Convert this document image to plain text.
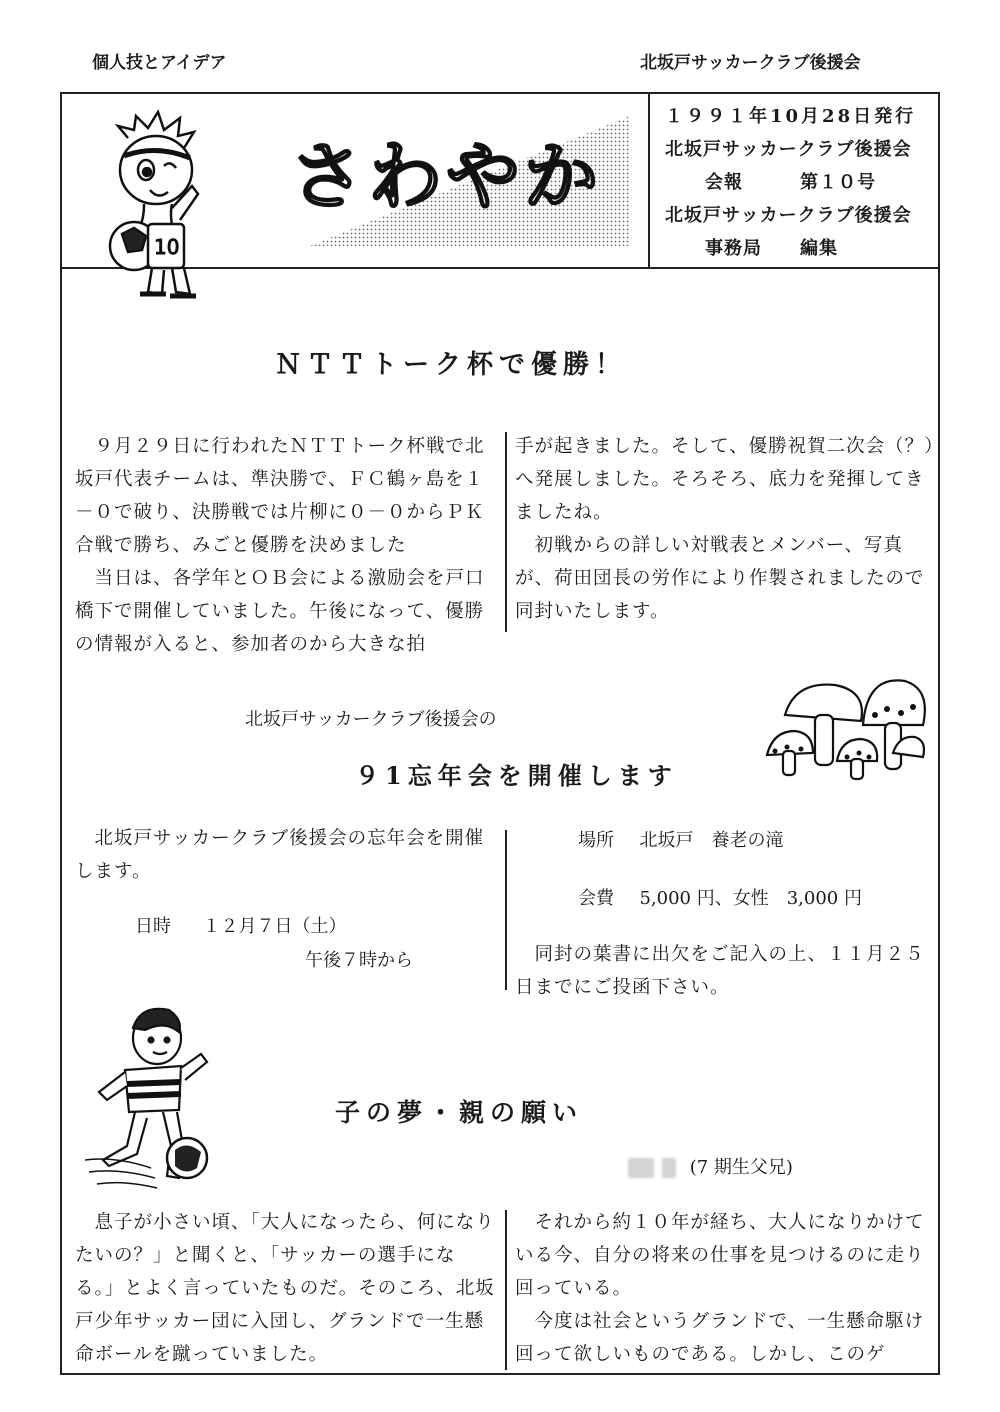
個人技とアイデア	北坂戸サッカークラブ後援会
10
さわやか
１９９１年10月28日発行
北坂戸サッカークラブ後援会
会報　　　第１０号
北坂戸サッカークラブ後援会
事務局　　編集
ＮＴＴトーク杯で優勝！

　９月２９日に行われたＮＴＴトーク杯戦で北坂戸代表チームは、準決勝で、ＦＣ鶴ヶ島を１－０で破り、決勝戦では片柳に０－０からＰＫ合戦で勝ち、みごと優勝を決めました

　当日は、各学年とＯＢ会による激励会を戸口橋下で開催していました。午後になって、優勝の情報が入ると、参加者のから大きな拍

手が起きました。そして、優勝祝賀二次会（？）へ発展しました。そろそろ、底力を発揮してきましたね。

　初戦からの詳しい対戦表とメンバー、写真が、荷田団長の労作により作製されましたので同封いたします。

北坂戸サッカークラブ後援会の
９1忘年会を開催します
　北坂戸サッカークラブ後援会の忘年会を開催します。
日時 １２月７日（土）
午後７時から
場所 北坂戸　養老の滝
会費 5,000 円、女性　3,000 円
　同封の葉書に出欠をご記入の上、１１月２５日までにご投函下さい。
子の夢・親の願い
(7 期生父兄)

　息子が小さい頃、「大人になったら、何になりたいの？」と聞くと、「サッカーの選手になる。」とよく言っていたものだ。そのころ、北坂戸少年サッカー団に入団し、グランドで一生懸命ボールを蹴っていました。

　それから約１０年が経ち、大人になりかけている今、自分の将来の仕事を見つけるのに走り回っている。

　今度は社会というグランドで、一生懸命駆け回って欲しいものである。しかし、このゲ
